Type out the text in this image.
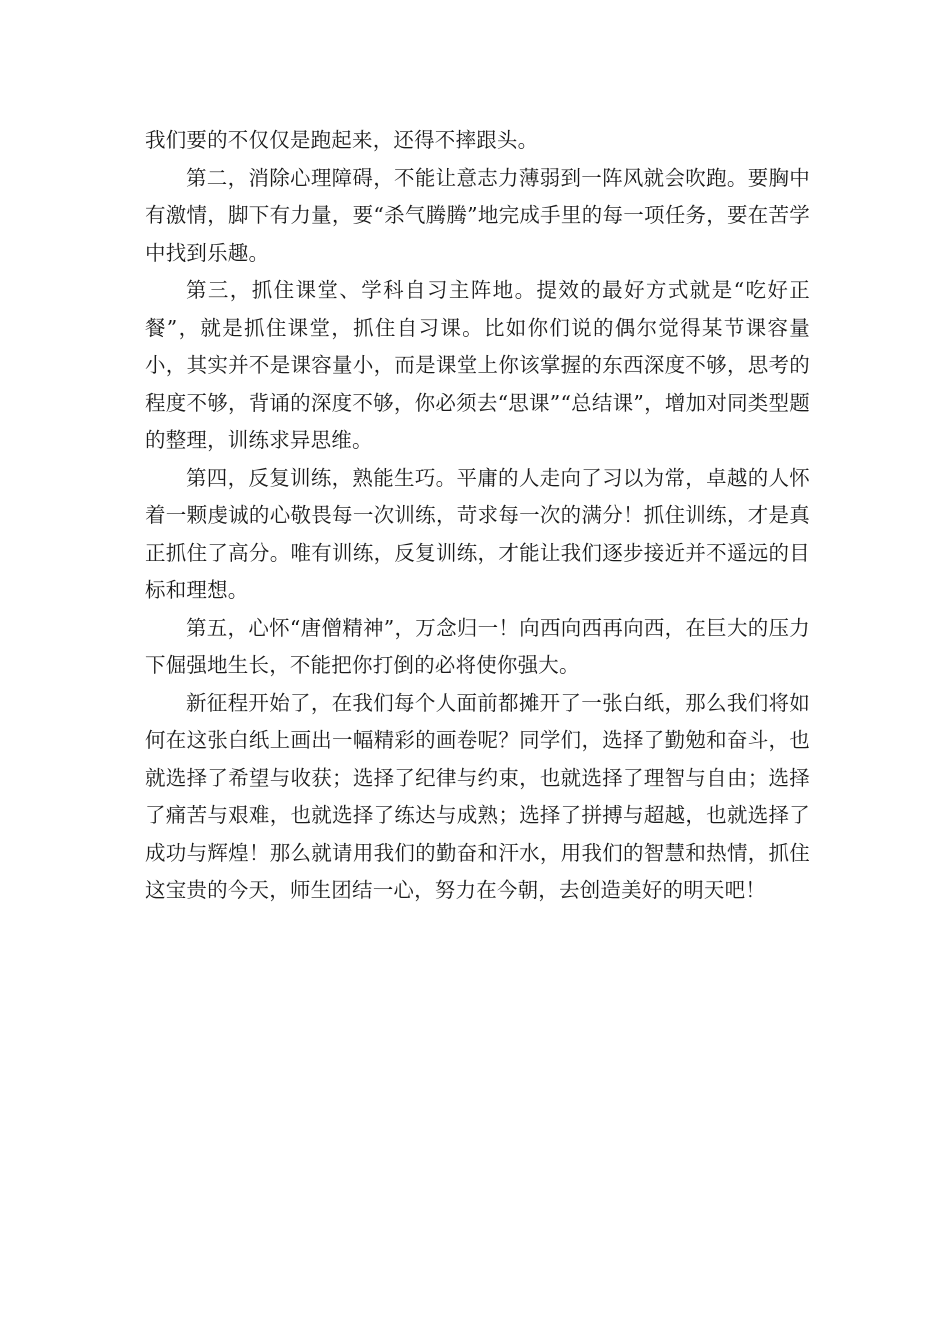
我们要的不仅仅是跑起来，还得不摔跟头。

第二，消除心理障碍，不能让意志力薄弱到一阵风就会吹跑。要胸中有激情，脚下有力量，要“杀气腾腾”地完成手里的每一项任务，要在苦学中找到乐趣。

第三，抓住课堂、学科自习主阵地。提效的最好方式就是“吃好正餐”，就是抓住课堂，抓住自习课。比如你们说的偶尔觉得某节课容量小，其实并不是课容量小，而是课堂上你该掌握的东西深度不够，思考的程度不够，背诵的深度不够，你必须去“思课”“总结课”，增加对同类型题的整理，训练求异思维。

第四，反复训练，熟能生巧。平庸的人走向了习以为常，卓越的人怀着一颗虔诚的心敬畏每一次训练，苛求每一次的满分！抓住训练，才是真正抓住了高分。唯有训练，反复训练，才能让我们逐步接近并不遥远的目标和理想。

第五，心怀“唐僧精神”，万念归一！向西向西再向西，在巨大的压力下倔强地生长，不能把你打倒的必将使你强大。

新征程开始了，在我们每个人面前都摊开了一张白纸，那么我们将如何在这张白纸上画出一幅精彩的画卷呢？同学们，选择了勤勉和奋斗，也就选择了希望与收获；选择了纪律与约束，也就选择了理智与自由；选择了痛苦与艰难，也就选择了练达与成熟；选择了拼搏与超越，也就选择了成功与辉煌！那么就请用我们的勤奋和汗水，用我们的智慧和热情，抓住这宝贵的今天，师生团结一心，努力在今朝，去创造美好的明天吧！
